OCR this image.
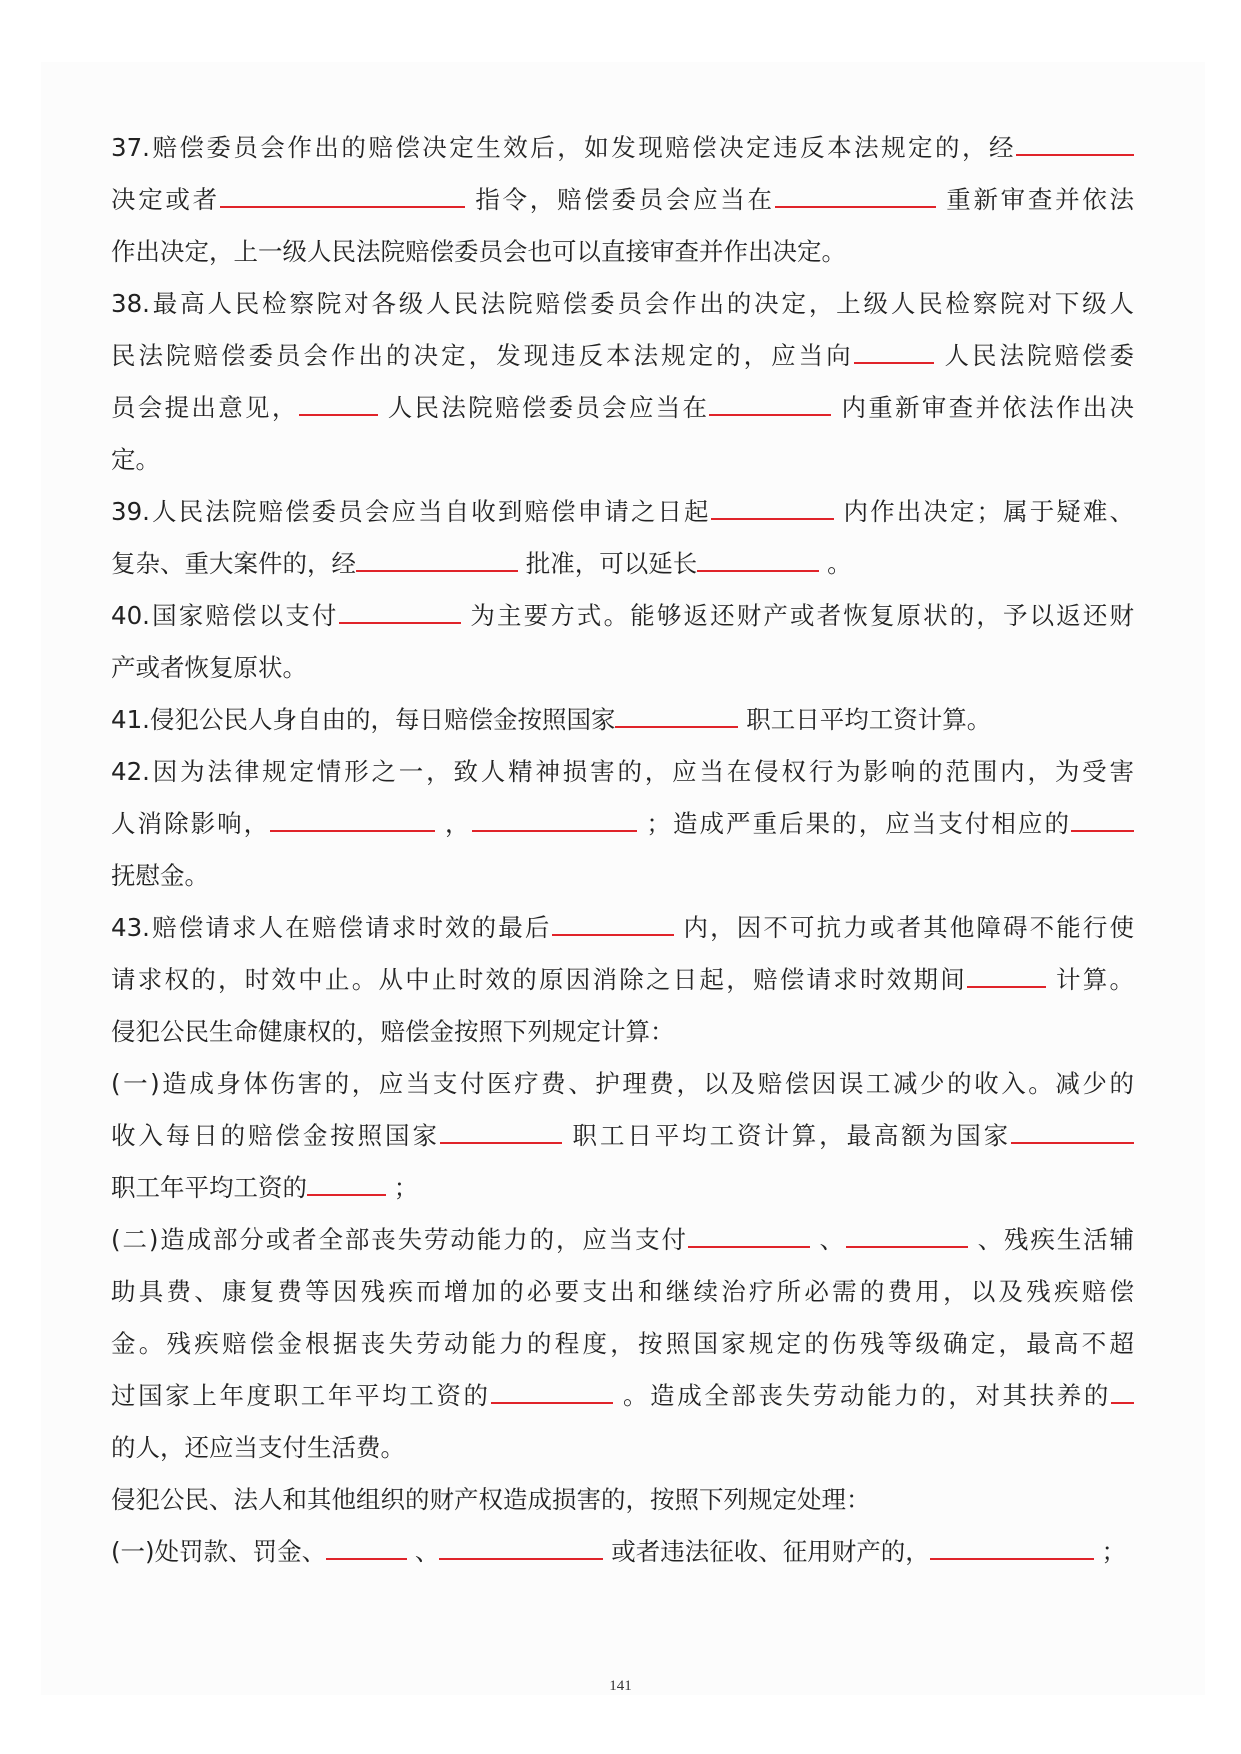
37.赔偿委员会作出的赔偿决定生效后，如发现赔偿决定违反本法规定的，经
决定或者	指令，赔偿委员会应当在	重新审查并依法
作出决定，上一级人民法院赔偿委员会也可以直接审查并作出决定。
38.最高人民检察院对各级人民法院赔偿委员会作出的决定，上级人民检察院对下级人
民法院赔偿委员会作出的决定，发现违反本法规定的，应当向	人民法院赔偿委
员会提出意见，	人民法院赔偿委员会应当在	内重新审查并依法作出决
定。
39.人民法院赔偿委员会应当自收到赔偿申请之日起	内作出决定；属于疑难、
复杂、重大案件的，经	批准，可以延长	。
40.国家赔偿以支付	为主要方式。能够返还财产或者恢复原状的，予以返还财
产或者恢复原状。
41.侵犯公民人身自由的，每日赔偿金按照国家	职工日平均工资计算。
42.因为法律规定情形之一，致人精神损害的，应当在侵权行为影响的范围内，为受害
人消除影响，	，	；造成严重后果的，应当支付相应的
抚慰金。
43.赔偿请求人在赔偿请求时效的最后	内，因不可抗力或者其他障碍不能行使
请求权的，时效中止。从中止时效的原因消除之日起，赔偿请求时效期间	计算。
侵犯公民生命健康权的，赔偿金按照下列规定计算：
(一)造成身体伤害的，应当支付医疗费、护理费，以及赔偿因误工减少的收入。减少的
收入每日的赔偿金按照国家	职工日平均工资计算，最高额为国家
职工年平均工资的	；
(二)造成部分或者全部丧失劳动能力的，应当支付	、	、残疾生活辅
助具费、康复费等因残疾而增加的必要支出和继续治疗所必需的费用，以及残疾赔偿
金。残疾赔偿金根据丧失劳动能力的程度，按照国家规定的伤残等级确定，最高不超
过国家上年度职工年平均工资的	。造成全部丧失劳动能力的，对其扶养的
的人，还应当支付生活费。
侵犯公民、法人和其他组织的财产权造成损害的，按照下列规定处理：
(一)处罚款、罚金、	、	或者违法征收、征用财产的，	；
141
